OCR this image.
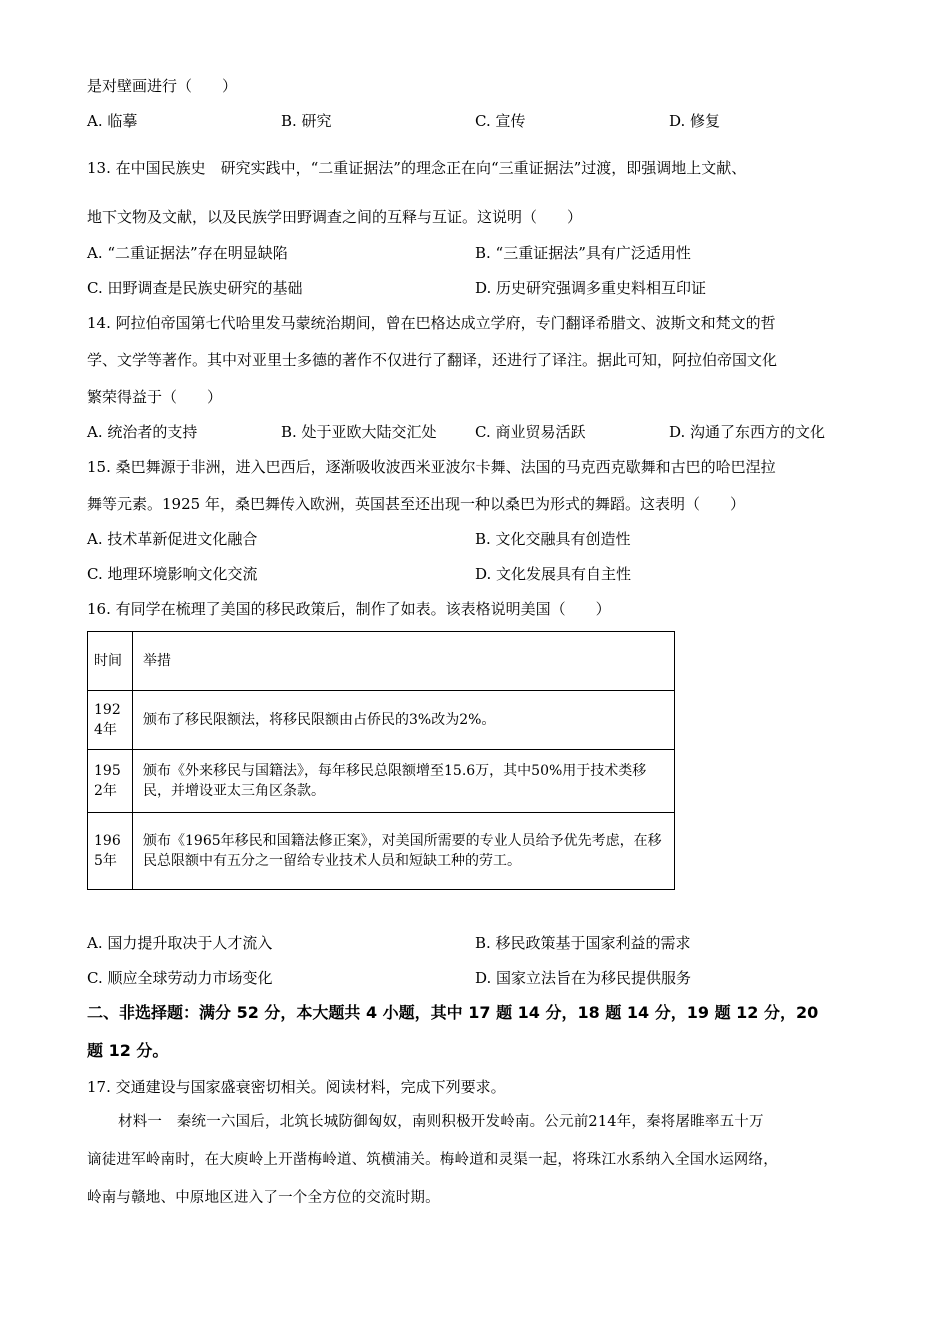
是对壁画进行（　　）
A. 临摹	B. 研究	C. 宣传	D. 修复
13. 在中国民族史　研究实践中，“二重证据法”的理念正在向“三重证据法”过渡，即强调地上文献、
地下文物及文献，以及民族学田野调查之间的互释与互证。这说明（　　）
A. “二重证据法”存在明显缺陷	B. “三重证据法”具有广泛适用性
C. 田野调查是民族史研究的基础	D. 历史研究强调多重史料相互印证
14. 阿拉伯帝国第七代哈里发马蒙统治期间，曾在巴格达成立学府，专门翻译希腊文、波斯文和梵文的哲
学、文学等著作。其中对亚里士多德的著作不仅进行了翻译，还进行了译注。据此可知，阿拉伯帝国文化
繁荣得益于（　　）
A. 统治者的支持	B. 处于亚欧大陆交汇处	C. 商业贸易活跃	D. 沟通了东西方的文化
15. 桑巴舞源于非洲，进入巴西后，逐渐吸收波西米亚波尔卡舞、法国的马克西克歇舞和古巴的哈巴涅拉
舞等元素。1925 年，桑巴舞传入欧洲，英国甚至还出现一种以桑巴为形式的舞蹈。这表明（　　）
A. 技术革新促进文化融合	B. 文化交融具有创造性
C. 地理环境影响文化交流	D. 文化发展具有自主性
16. 有同学在梳理了美国的移民政策后，制作了如表。该表格说明美国（　　）
时间	举措
1924年	颁布了移民限额法，将移民限额由占侨民的3%改为2%。
1952年	颁布《外来移民与国籍法》，每年移民总限额增至15.6万，其中50%用于技术类移民，并增设亚太三角区条款。
1965年	颁布《1965年移民和国籍法修正案》，对美国所需要的专业人员给予优先考虑，在移民总限额中有五分之一留给专业技术人员和短缺工种的劳工。
A. 国力提升取决于人才流入	B. 移民政策基于国家利益的需求
C. 顺应全球劳动力市场变化	D. 国家立法旨在为移民提供服务
二、非选择题：满分 52 分，本大题共 4 小题，其中 17 题 14 分，18 题 14 分，19 题 12 分，20
题 12 分。
17. 交通建设与国家盛衰密切相关。阅读材料，完成下列要求。
材料一　秦统一六国后，北筑长城防御匈奴，南则积极开发岭南。公元前214年，秦将屠睢率五十万
谪徒进军岭南时，在大庾岭上开凿梅岭道、筑横浦关。梅岭道和灵渠一起，将珠江水系纳入全国水运网络，
岭南与赣地、中原地区进入了一个全方位的交流时期。
